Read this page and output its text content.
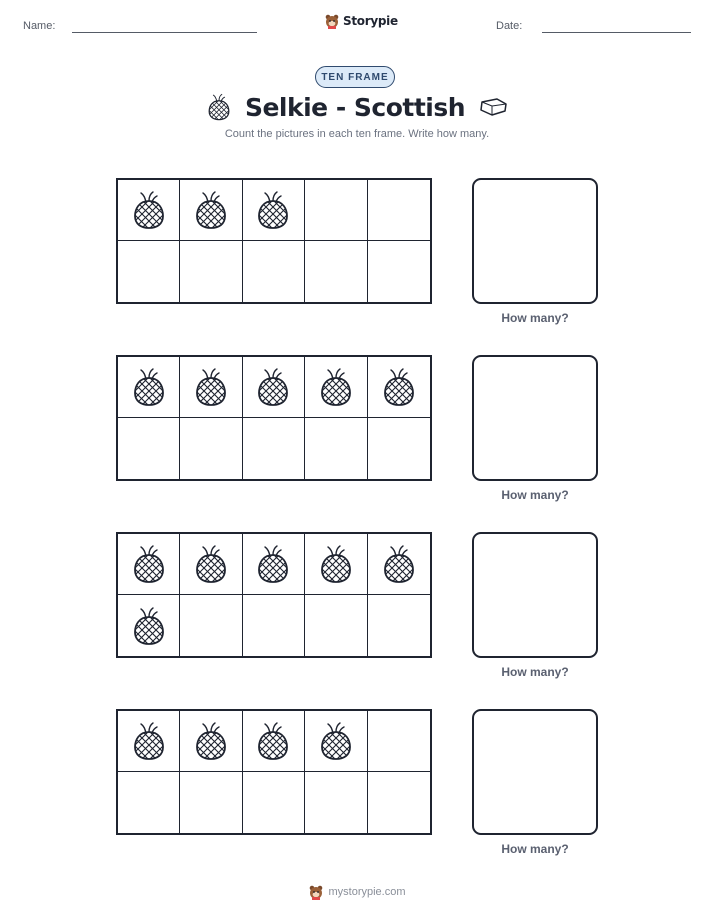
Name:	Storypie	Date:
TEN FRAME
Selkie - Scottish
Count the pictures in each ten frame. Write how many.
How many?
How many?
How many?
How many?
mystorypie.com
